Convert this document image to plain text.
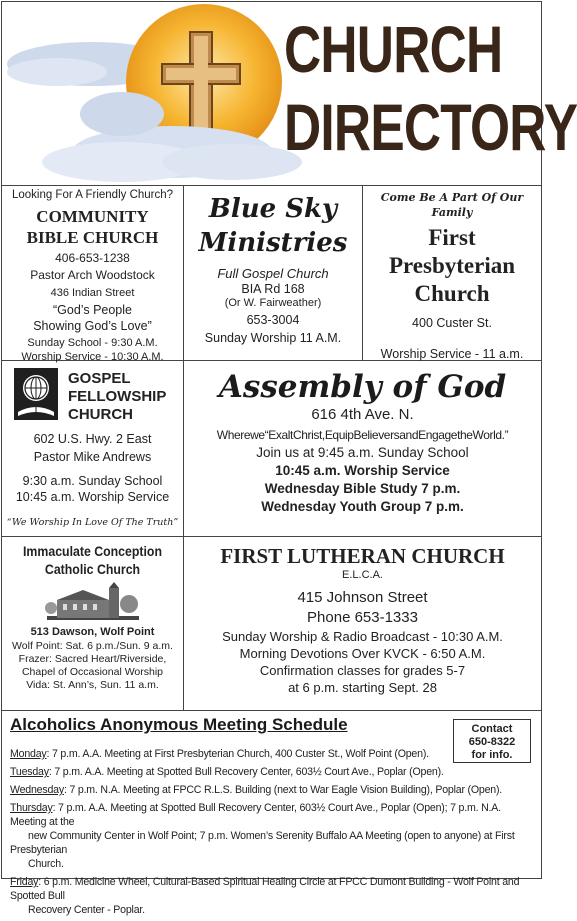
CHURCH
DIRECTORY
Looking For A Friendly Church?
COMMUNITY
BIBLE CHURCH
406-653-1238
Pastor Arch Woodstock
436 Indian Street
“God’s People
Showing God’s Love”
Sunday School - 9:30 A.M.
Worship Service - 10:30 A.M.
Blue Sky
Ministries
Full Gospel Church
BIA Rd 168
(Or W. Fairweather)
653-3004
Sunday Worship 11 A.M.
Come Be A Part Of Our Family
First
Presbyterian
Church
400 Custer St.
Worship Service - 11 a.m.
GOSPEL
FELLOWSHIP
CHURCH
602 U.S. Hwy. 2 East
Pastor Mike Andrews
9:30 a.m. Sunday School
10:45 a.m. Worship Service
“We Worship In Love Of The Truth”
Assembly of God
616 4th Ave. N.
Wherewe“ExaltChrist,EquipBelieversandEngagetheWorld.”
Join us at 9:45 a.m. Sunday School
10:45 a.m. Worship Service
Wednesday Bible Study 7 p.m.
Wednesday Youth Group 7 p.m.
Immaculate Conception
Catholic Church
513 Dawson, Wolf Point
Wolf Point: Sat. 6 p.m./Sun. 9 a.m.
Frazer: Sacred Heart/Riverside,
Chapel of Occasional Worship
Vida: St. Ann’s, Sun. 11 a.m.
FIRST LUTHERAN CHURCH
E.L.C.A.
415 Johnson Street
Phone 653-1333
Sunday Worship & Radio Broadcast - 10:30 A.M.
Morning Devotions Over KVCK - 6:50 A.M.
Confirmation classes for grades 5-7
at 6 p.m. starting Sept. 28
Alcoholics Anonymous Meeting Schedule	Contact
650-8322
for info.

Monday: 7 p.m. A.A. Meeting at First Presbyterian Church, 400 Custer St., Wolf Point (Open).

Tuesday: 7 p.m. A.A. Meeting at Spotted Bull Recovery Center, 603½ Court Ave., Poplar (Open).

Wednesday: 7 p.m. N.A. Meeting at FPCC R.L.S. Building (next to War Eagle Vision Building), Poplar (Open).

Thursday: 7 p.m. A.A. Meeting at Spotted Bull Recovery Center, 603½ Court Ave., Poplar (Open); 7 p.m. N.A. Meeting at the
new Community Center in Wolf Point; 7 p.m. Women’s Serenity Buffalo AA Meeting (open to anyone) at First Presbyterian
Church.

Friday: 6 p.m. Medicine Wheel, Cultural-Based Spiritual Healing Circle at FPCC Dumont Building - Wolf Point and Spotted Bull
Recovery Center - Poplar.
